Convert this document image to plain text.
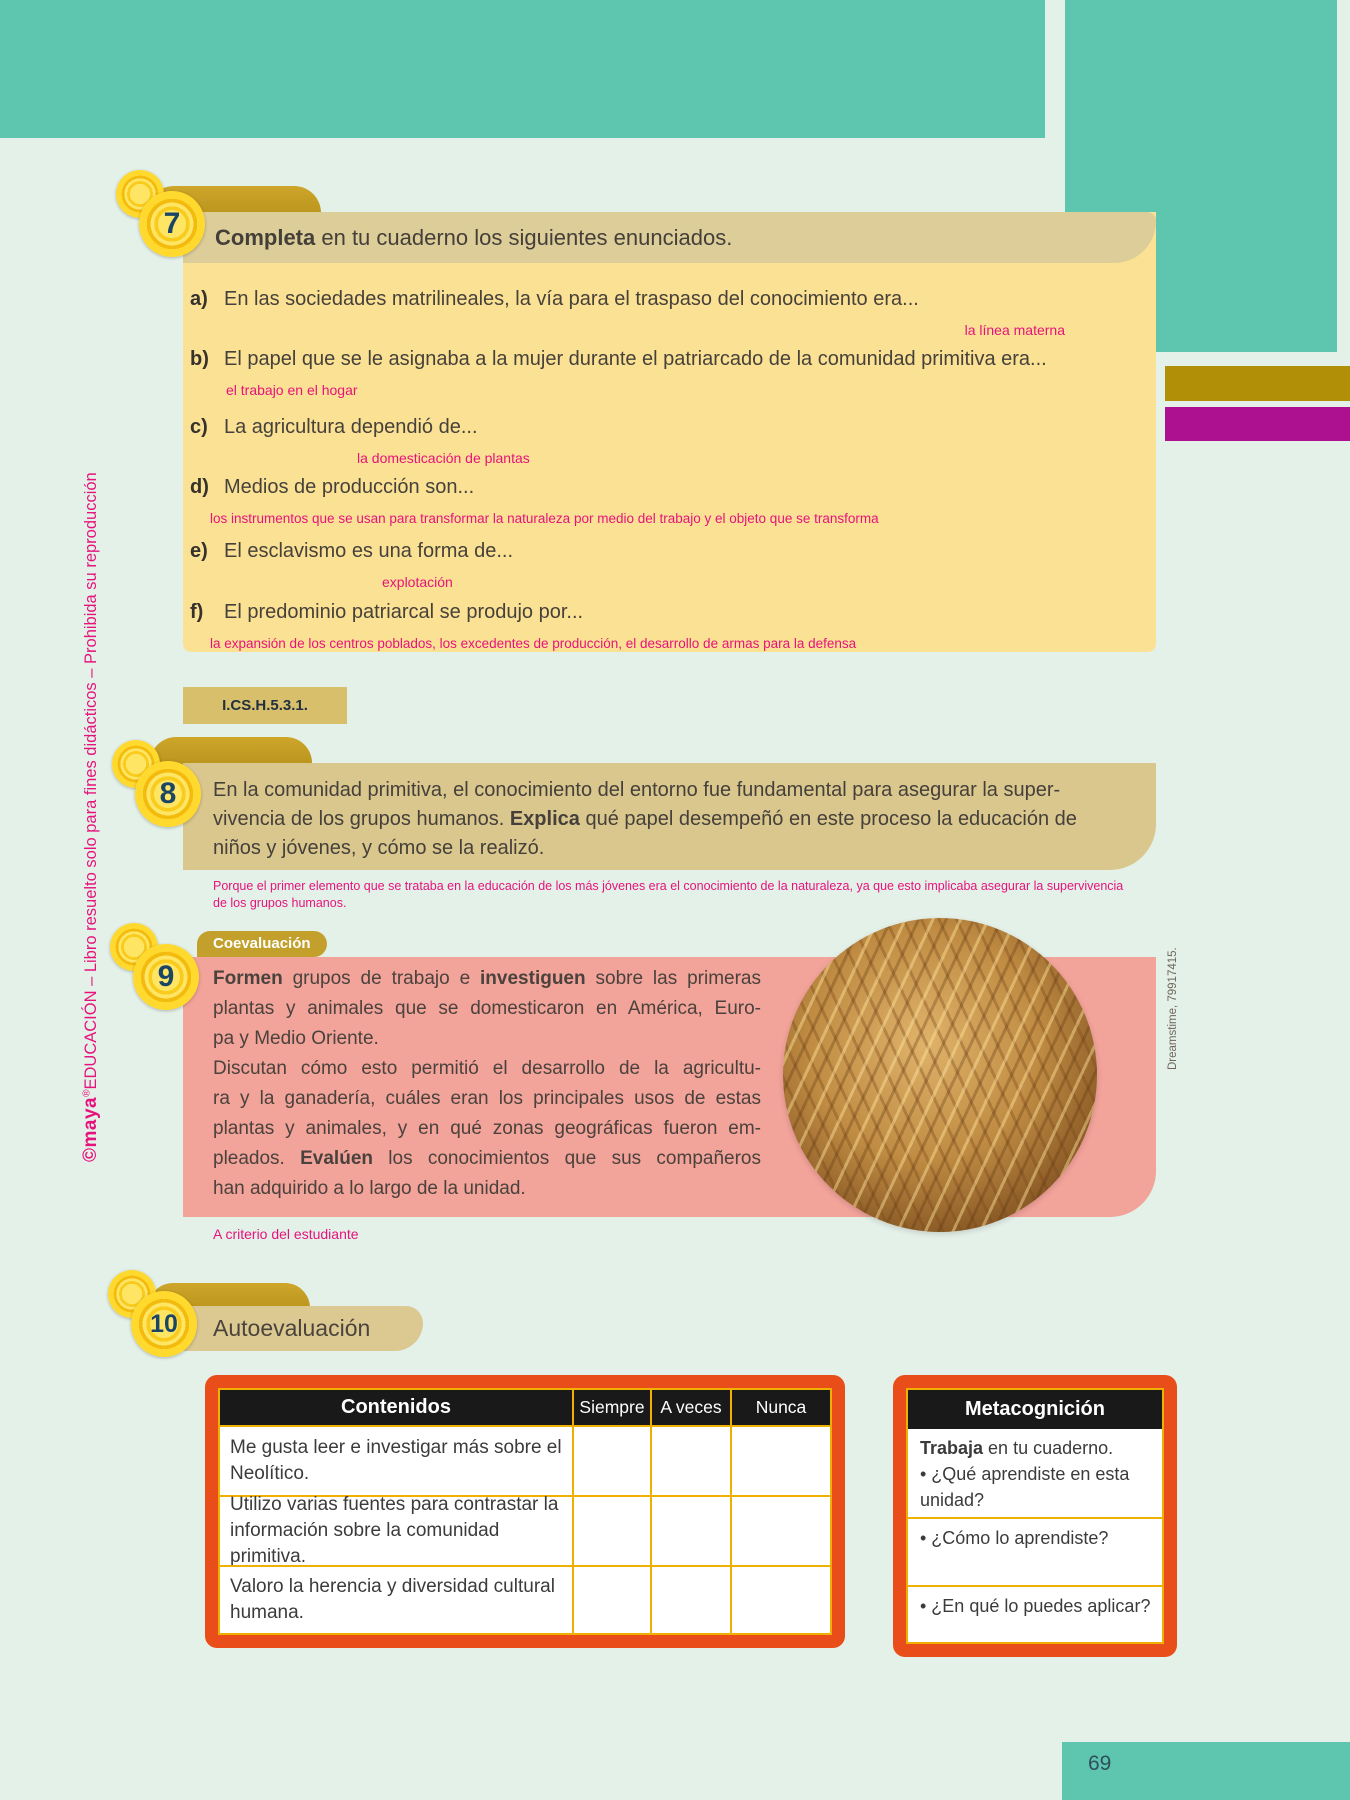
69
©maya®EDUCACIÓN – Libro resuelto solo para fines didácticos – Prohibida su reproducción
Completa en tu cuaderno los siguientes enunciados.
7
a) En las sociedades matrilineales, la vía para el traspaso del conocimiento era...
la línea materna
b) El papel que se le asignaba a la mujer durante el patriarcado de la comunidad primitiva era...
el trabajo en el hogar
c) La agricultura dependió de...
la domesticación de plantas
d) Medios de producción son...
los instrumentos que se usan para transformar la naturaleza por medio del trabajo y el objeto que se transforma
e) El esclavismo es una forma de...
explotación
f) El predominio patriarcal se produjo por...
la expansión de los centros poblados, los excedentes de producción, el desarrollo de armas para la defensa
I.CS.H.5.3.1.
En la comunidad primitiva, el conocimiento del entorno fue fundamental para asegurar la super-
vivencia de los grupos humanos. Explica qué papel desempeñó en este proceso la educación de
niños y jóvenes, y cómo se la realizó.
8
Porque el primer elemento que se trataba en la educación de los más jóvenes era el conocimiento de la naturaleza, ya que esto implicaba asegurar la supervivencia
de los grupos humanos.
Coevaluación
9 Formen grupos de trabajo e investiguen sobre las primeras
plantas y animales que se domesticaron en América, Euro-
pa y Medio Oriente.
Discutan cómo esto permitió el desarrollo de la agricultu-
ra y la ganadería, cuáles eran los principales usos de estas
plantas y animales, y en qué zonas geográficas fueron em-
pleados. Evalúen los conocimientos que sus compañeros
han adquirido a lo largo de la unidad.
Dreamstime, 79917415.
A criterio del estudiante
Autoevaluación
10
Contenidos	Siempre A veces	Nunca
Me gusta leer e investigar más sobre el Neolítico.
Utilizo varias fuentes para contrastar la información sobre la comunidad primitiva.
Valoro la herencia y diversidad cultural humana.
Metacognición
Trabaja en tu cuaderno.
• ¿Qué aprendiste en esta unidad?
• ¿Cómo lo aprendiste?
• ¿En qué lo puedes aplicar?
